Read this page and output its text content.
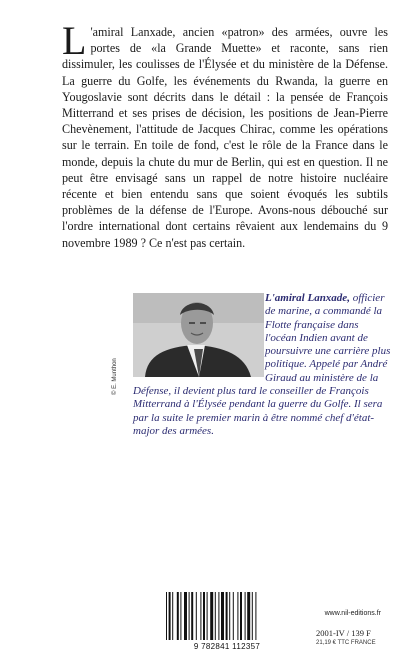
L 'amiral Lanxade, ancien «patron» des armées, ouvre les portes de «la Grande Muette» et raconte, sans rien dissimuler, les coulisses de l'Élysée et du ministère de la Défense. La guerre du Golfe, les événements du Rwanda, la guerre en Yougoslavie sont décrits dans le détail : la pensée de François Mitterrand et ses prises de décision, les positions de Jean-Pierre Chevènement, l'attitude de Jacques Chirac, comme les opérations sur le terrain. En toile de fond, c'est le rôle de la France dans le monde, depuis la chute du mur de Berlin, qui est en question. Il ne peut être envisagé sans un rappel de notre histoire nucléaire récente et bien entendu sans que soient évoqués les subtils problèmes de la défense de l'Europe. Avons-nous débouché sur l'ordre international dont certains rêvaient aux lendemains du 9 novembre 1989 ? Ce n'est pas certain.

© E. Munthon
L'amiral Lanxade, officier de marine, a commandé la Flotte française dans l'océan Indien avant de poursuivre une carrière plus politique. Appelé par André Giraud au ministère de la Défense, il devient plus tard le conseiller de François Mitterrand à l'Élysée pendant la guerre du Golfe. Il sera par la suite le premier marin à être nommé chef d'état-major des armées.
9 782841 112357
www.nil-editions.fr
2001-IV / 139 F
21,19 € TTC FRANCE
